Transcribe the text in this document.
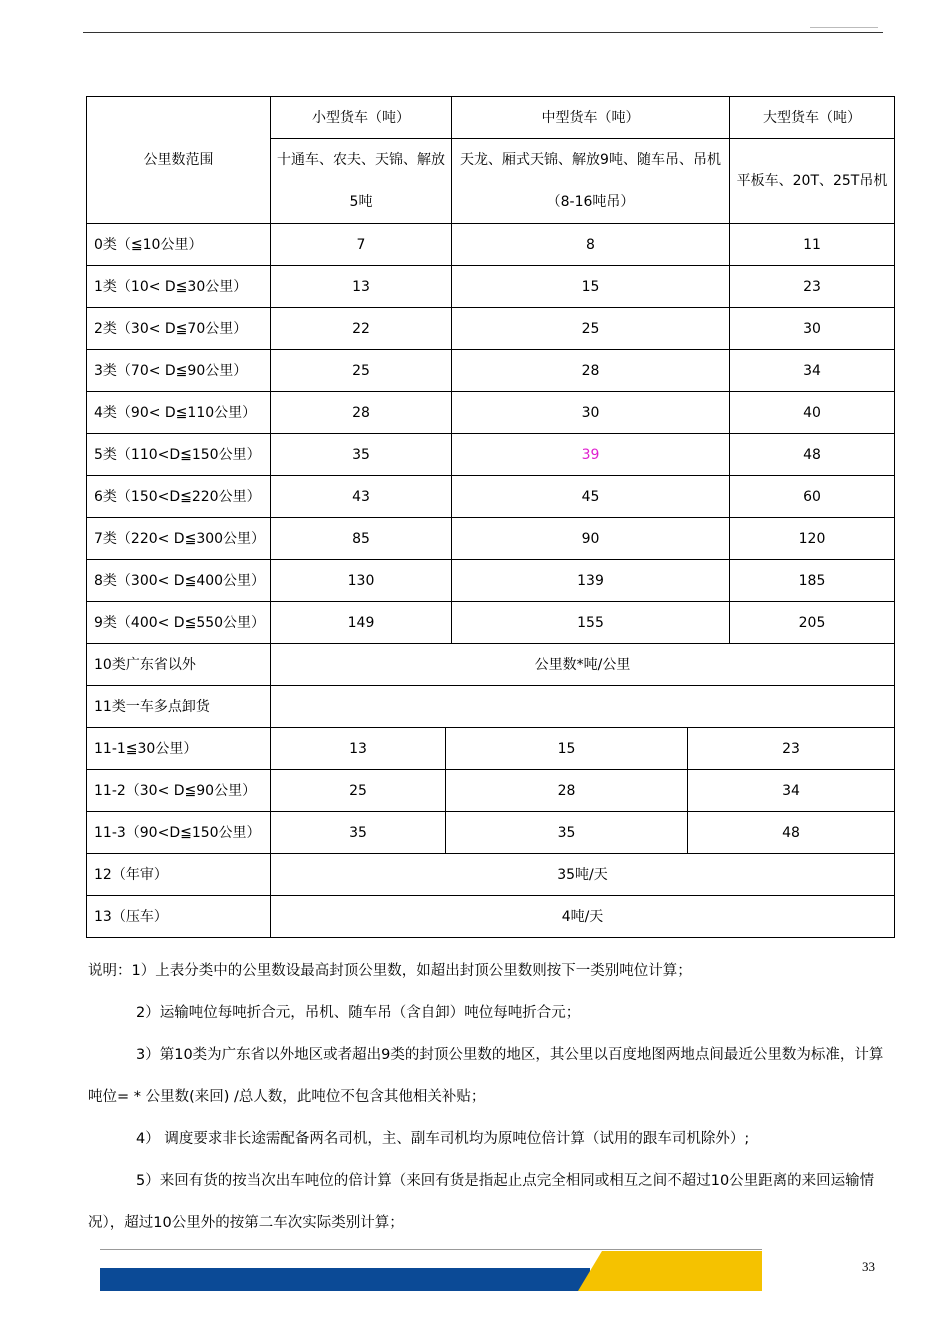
公里数范围	小型货车（吨）	中型货车（吨）	大型货车（吨）
	十通车、农夫、天锦、解放5吨	天龙、厢式天锦、解放9吨、随车吊、吊机（8-16吨吊）	平板车、20T、25T吊机
0类（≦10公里）	7	8	11
1类（10< D≦30公里）	13	15	23
2类（30< D≦70公里）	22	25	30
3类（70< D≦90公里）	25	28	34
4类（90< D≦110公里）	28	30	40
5类（110<D≦150公里）	35	39	48
6类（150<D≦220公里）	43	45	60
7类（220< D≦300公里）	85	90	120
8类（300< D≦400公里）	130	139	185
9类（400< D≦550公里）	149	155	205
10类广东省以外	公里数*吨/公里		
11类一车多点卸货			
11-1≦30公里）	13 15 23		

11-2（30< D≦90公里）	25 28 34		

11-3（90<D≦150公里）	35 35 48		

12（年审）	35吨/天		
13（压车）	4吨/天		

说明：1）上表分类中的公里数设最高封顶公里数，如超出封顶公里数则按下一类别吨位计算；

2）运输吨位每吨折合元，吊机、随车吊（含自卸）吨位每吨折合元；

3）第10类为广东省以外地区或者超出9类的封顶公里数的地区，其公里以百度地图两地点间最近公里数为标准，计算吨位= * 公里数(来回) /总人数，此吨位不包含其他相关补贴；

4） 调度要求非长途需配备两名司机，主、副车司机均为原吨位倍计算（试用的跟车司机除外）;

5）来回有货的按当次出车吨位的倍计算（来回有货是指起止点完全相同或相互之间不超过10公里距离的来回运输情况），超过10公里外的按第二车次实际类别计算；

33
